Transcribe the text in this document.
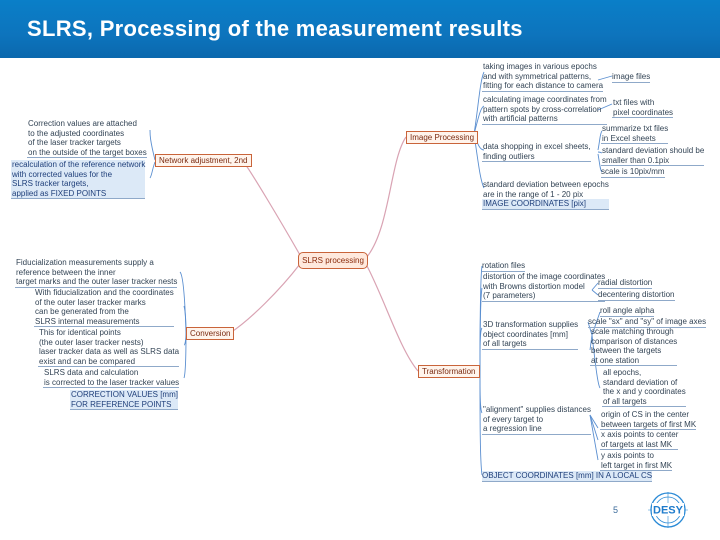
SLRS, Processing of the measurement results
SLRS processing
Image Processing
Network adjustment, 2nd
Conversion
Transformation
taking images in various epochs
and with symmetrical patterns,
fitting for each distance to camera
image files
calculating image coordinates from
pattern spots by cross-correlation
with artificial patterns
txt files with
pixel coordinates
data shopping in excel sheets,
finding outliers
summarize txt files
in Excel sheets
standard deviation should be
smaller than 0.1pix
scale is 10pix/mm
standard deviation between epochs
are in the range of 1 - 20 pix
IMAGE COORDINATES [pix]
Correction values are attached
to the adjusted coordinates
of the laser tracker targets
on the outside of the target boxes
recalculation of the reference network
with corrected values for the
SLRS tracker targets,
applied as FIXED POINTS
Fiducialization measurements supply a
reference between the inner
target marks and the outer laser tracker nests
With fiducialization and the coordinates
of the outer laser tracker marks
can be generated from the
SLRS internal measurements
This for identical points
(the outer laser tracker nests)
laser tracker data as well as SLRS data
exist and can be compared
SLRS data and calculation
is corrected to the laser tracker values
CORRECTION VALUES [mm]
FOR REFERENCE POINTS
rotation files
distortion of the image coordinates
with Browns distortion model
(7 parameters)
radial distortion
decentering distortion
roll angle alpha
scale "sx" and "sy" of image axes
3D transformation supplies
object coordinates [mm]
of all targets
scale matching through
comparison of distances
between the targets
at one station
all epochs,
standard deviation of
the x and y coordinates
of all targets
"alignment" supplies distances
of every target to
a regression line
origin of CS in the center
between targets of first MK
x axis points to center
of targets at last MK
y axis points to
left target in first MK
OBJECT COORDINATES [mm] IN A LOCAL CS
5	DESY
